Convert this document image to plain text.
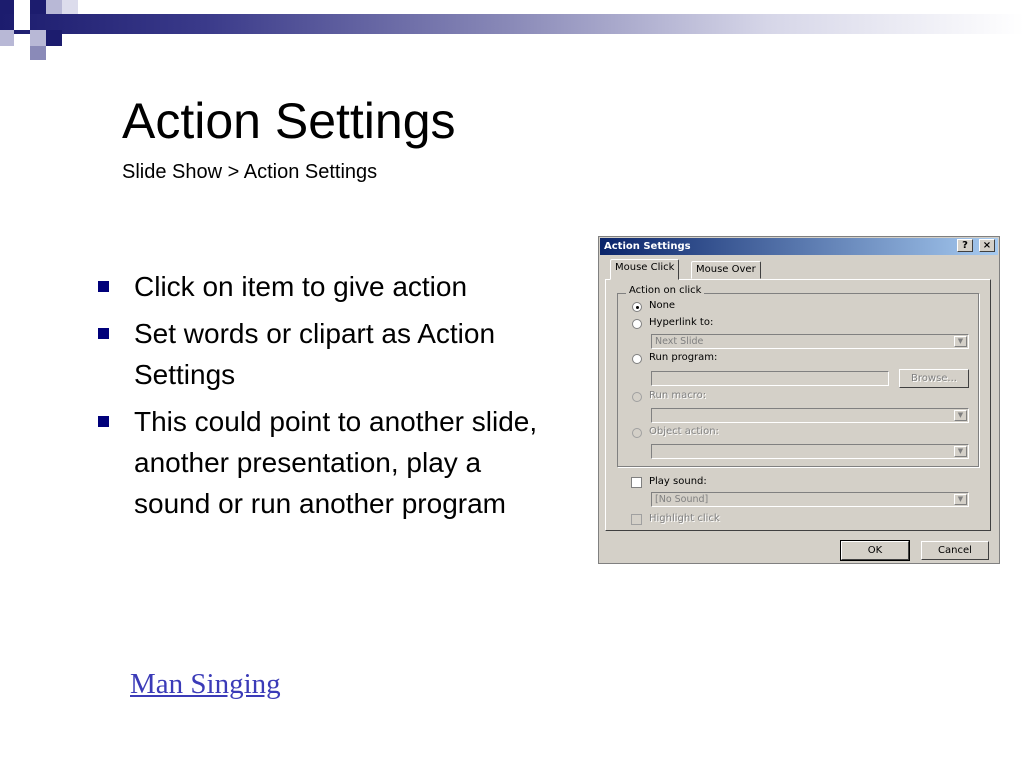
Action Settings
Slide Show > Action Settings
Click on item to give action
Set words or clipart as Action Settings
This could point to another slide, another presentation, play a sound or run another program
Man Singing
Action Settings	?	×
Mouse Click	Mouse Over
Action on click
None
Hyperlink to:
Next Slide	▼
Run program:
Browse...
Run macro:
▼
Object action:
▼
Play sound:
[No Sound]	▼
Highlight click
OK	Cancel
